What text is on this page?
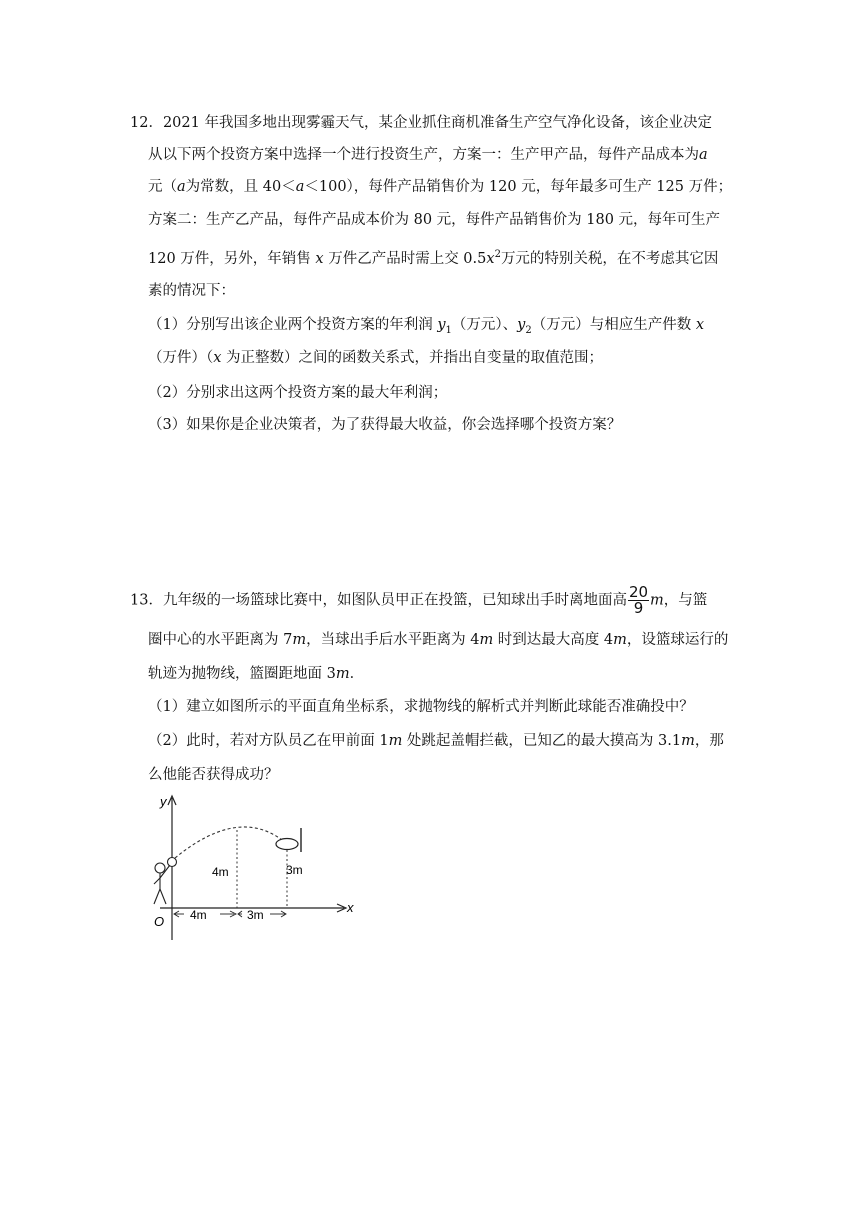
12．2021 年我国多地出现雾霾天气，某企业抓住商机准备生产空气净化设备，该企业决定
从以下两个投资方案中选择一个进行投资生产，方案一：生产甲产品，每件产品成本为a
元（a为常数，且 40＜a＜100），每件产品销售价为 120 元，每年最多可生产 125 万件；
方案二：生产乙产品，每件产品成本价为 80 元，每件产品销售价为 180 元，每年可生产
120 万件，另外，年销售 x 万件乙产品时需上交 $0.5x^2$万元的特别关税，在不考虑其它因
素的情况下：
（1）分别写出该企业两个投资方案的年利润 $y_1$（万元）、$y_2$（万元）与相应生产件数 x
（万件）（x 为正整数）之间的函数关系式，并指出自变量的取值范围；
（2）分别求出这两个投资方案的最大年利润；
（3）如果你是企业决策者，为了获得最大收益，你会选择哪个投资方案？
13．九年级的一场篮球比赛中，如图队员甲正在投篮，已知球出手时离地面高 $\frac{20}{9}$ m，与篮
圈中心的水平距离为 7m，当球出手后水平距离为 4m 时到达最大高度 4m，设篮球运行的
轨迹为抛物线，篮圈距地面 3m．
（1）建立如图所示的平面直角坐标系，求抛物线的解析式并判断此球能否准确投中？
（2）此时，若对方队员乙在甲前面 1m 处跳起盖帽拦截，已知乙的最大摸高为 3.1m，那
么他能否获得成功？
y
x
O
4m	3m
4m	3m
